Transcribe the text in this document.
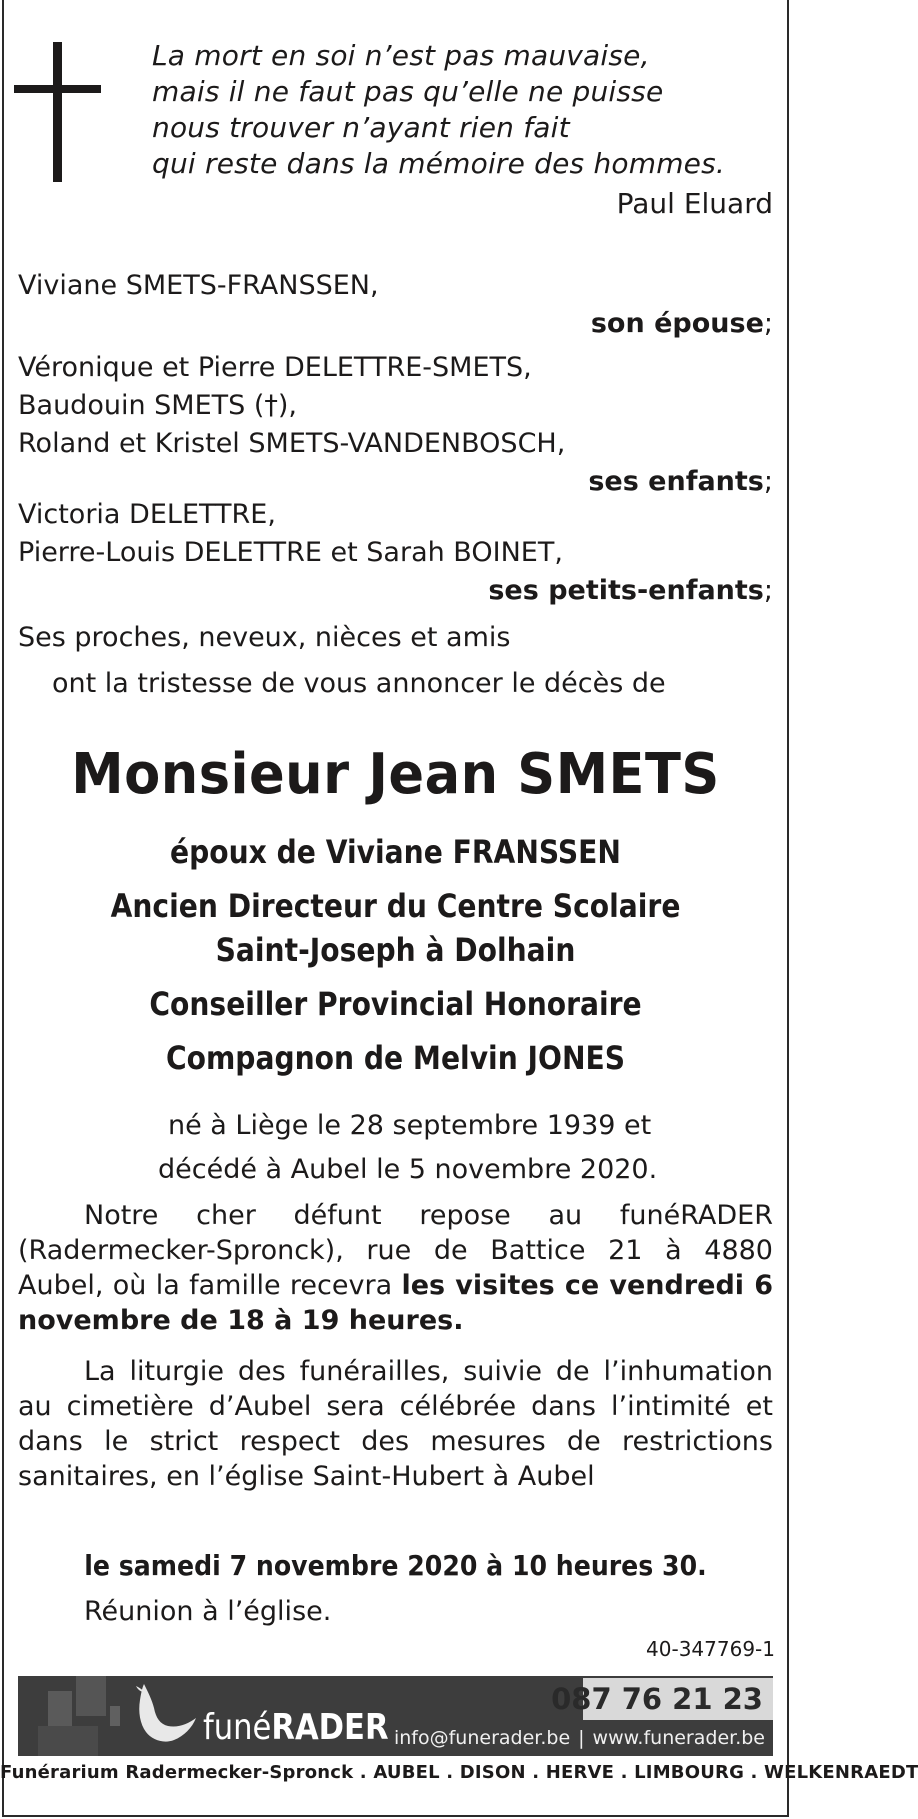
La mort en soi n’est pas mauvaise,
mais il ne faut pas qu’elle ne puisse
nous trouver n’ayant rien fait
qui reste dans la mémoire des hommes.
Paul Eluard
Viviane SMETS-FRANSSEN,
son épouse;
Véronique et Pierre DELETTRE-SMETS,
Baudouin SMETS (†),
Roland et Kristel SMETS-VANDENBOSCH,
ses enfants;
Victoria DELETTRE,
Pierre-Louis DELETTRE et Sarah BOINET,
ses petits-enfants;
Ses proches, neveux, nièces et amis
ont la tristesse de vous annoncer le décès de
Monsieur Jean SMETS
époux de Viviane FRANSSEN
Ancien Directeur du Centre Scolaire
Saint-Joseph à Dolhain
Conseiller Provincial Honoraire
Compagnon de Melvin JONES
né à Liège le 28 septembre 1939 et
décédé à Aubel le 5 novembre 2020.
Notre cher défunt repose au funéRADER (Radermecker-Spronck), rue de Battice 21 à 4880 Aubel, où la famille recevra les visites ce vendredi 6 novembre de 18 à 19 heures.
La liturgie des funérailles, suivie de l’inhumation au cimetière d’Aubel sera célébrée dans l’intimité et dans le strict respect des mesures de restrictions sanitaires, en l’église Saint-Hubert à Aubel
le samedi 7 novembre 2020 à 10 heures 30.
Réunion à l’église.
40-347769-1
funéRADER
087 76 21 23
info@funerader.be | www.funerader.be
Funérarium Radermecker-Spronck . AUBEL . DISON . HERVE . LIMBOURG . WELKENRAEDT
